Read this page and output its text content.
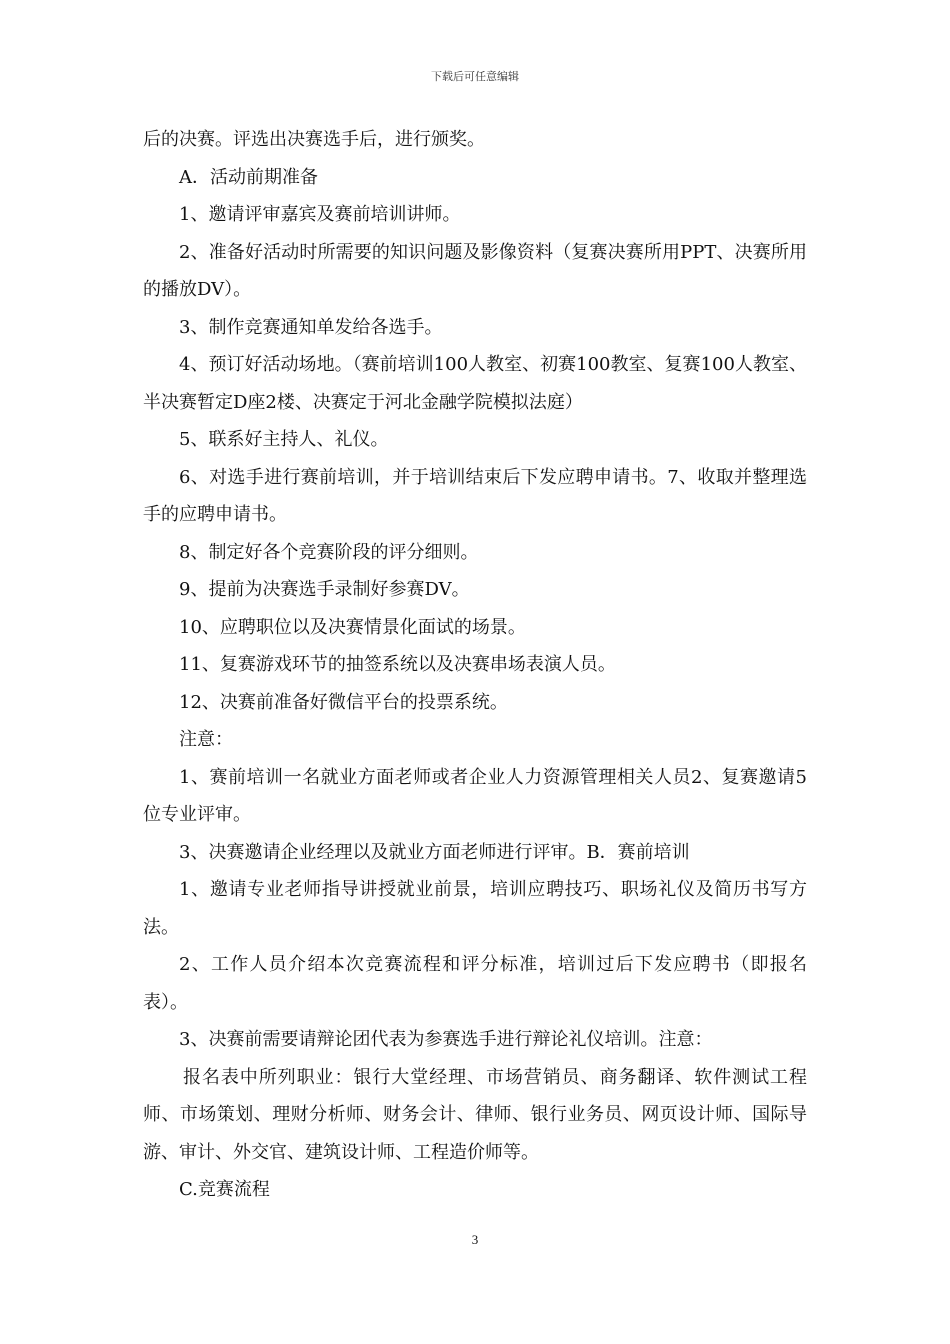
下载后可任意编辑

后的决赛。评选出决赛选手后，进行颁奖。

A．活动前期准备

1、邀请评审嘉宾及赛前培训讲师。

2、准备好活动时所需要的知识问题及影像资料（复赛决赛所用PPT、决赛所用的播放DV）。

3、制作竞赛通知单发给各选手。

4、预订好活动场地。（赛前培训100人教室、初赛100教室、复赛100人教室、半决赛暂定D座2楼、决赛定于河北金融学院模拟法庭）

5、联系好主持人、礼仪。

6、对选手进行赛前培训，并于培训结束后下发应聘申请书。7、收取并整理选手的应聘申请书。

8、制定好各个竞赛阶段的评分细则。

9、提前为决赛选手录制好参赛DV。

10、应聘职位以及决赛情景化面试的场景。

11、复赛游戏环节的抽签系统以及决赛串场表演人员。

12、决赛前准备好微信平台的投票系统。

注意：

1、赛前培训一名就业方面老师或者企业人力资源管理相关人员2、复赛邀请5位专业评审。

3、决赛邀请企业经理以及就业方面老师进行评审。B．赛前培训

1、邀请专业老师指导讲授就业前景，培训应聘技巧、职场礼仪及简历书写方法。

2、工作人员介绍本次竞赛流程和评分标准，培训过后下发应聘书（即报名表）。

3、决赛前需要请辩论团代表为参赛选手进行辩论礼仪培训。注意：

报名表中所列职业：银行大堂经理、市场营销员、商务翻译、软件测试工程师、市场策划、理财分析师、财务会计、律师、银行业务员、网页设计师、国际导游、审计、外交官、建筑设计师、工程造价师等。

C.竞赛流程

3
